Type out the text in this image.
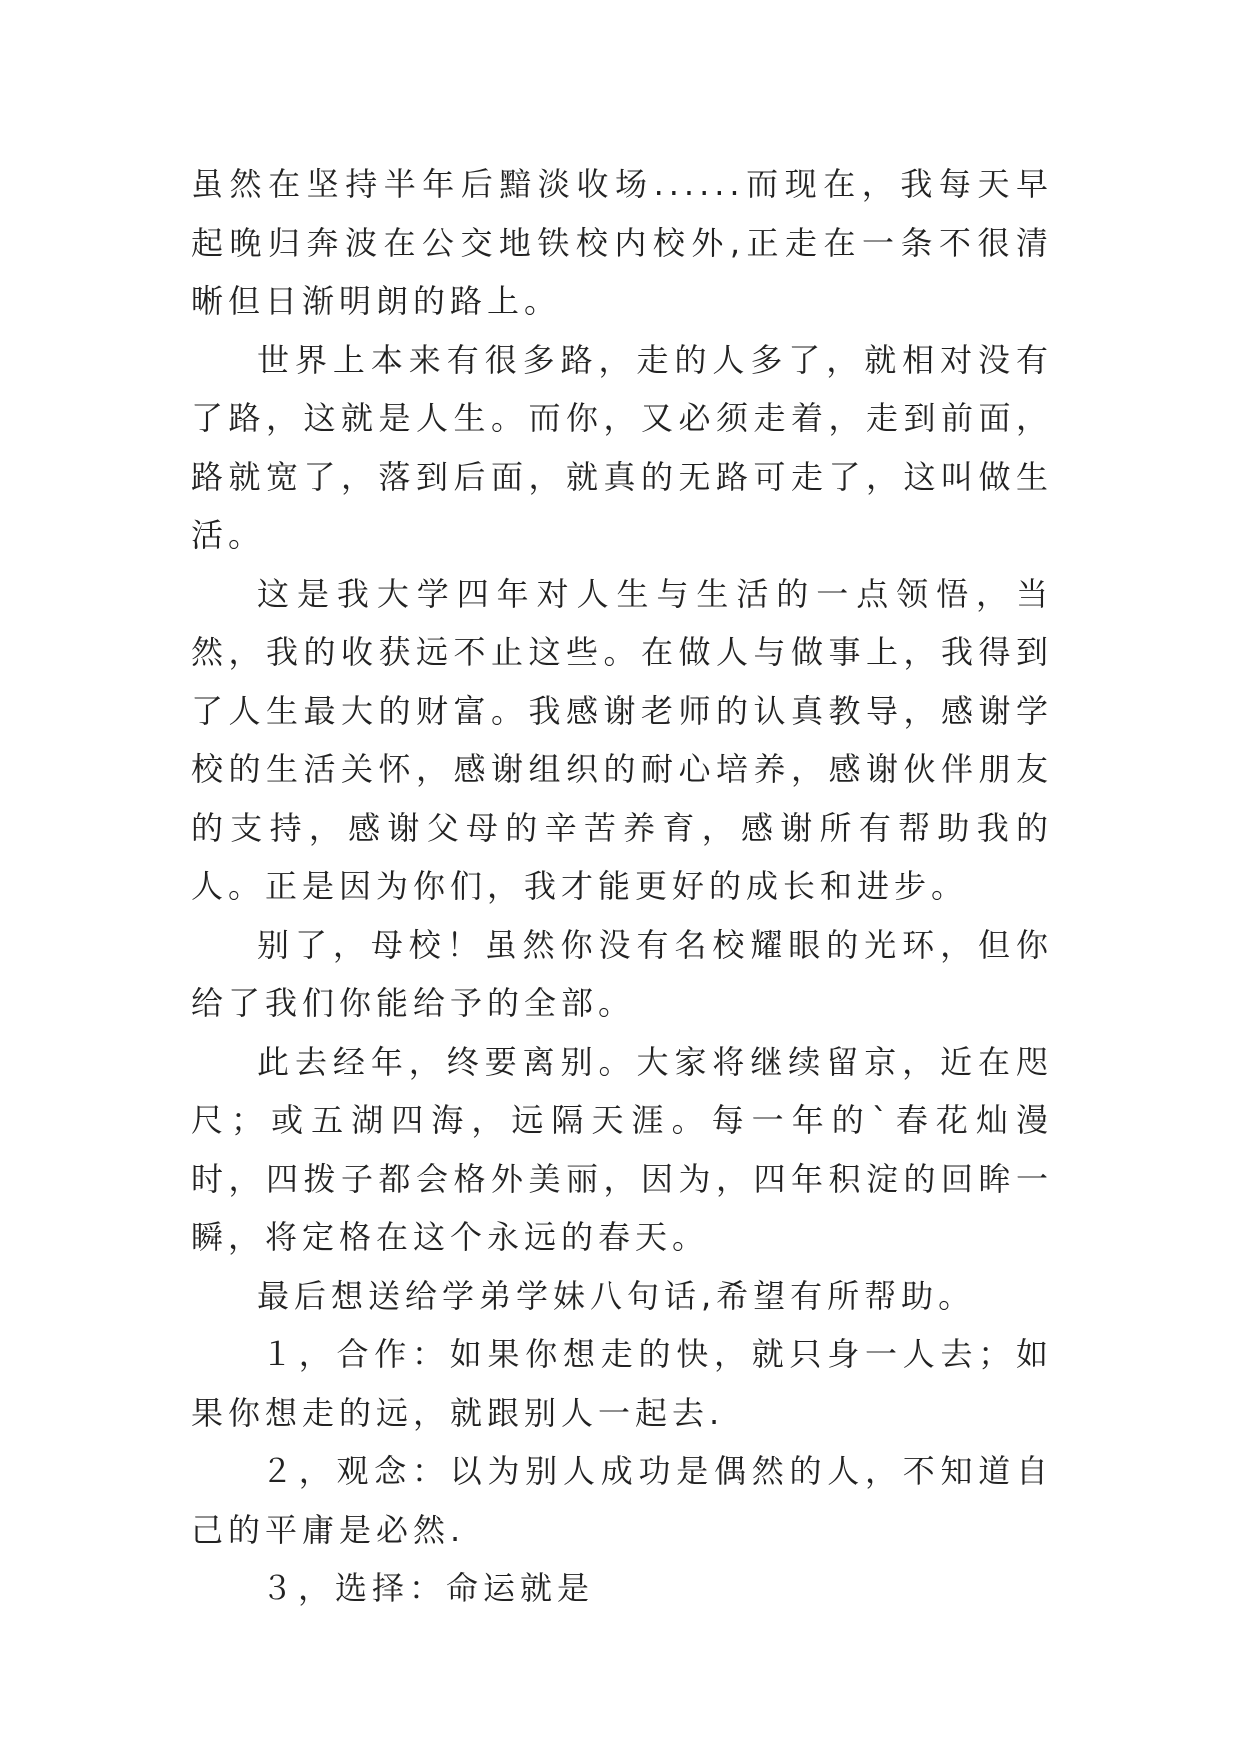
虽然在坚持半年后黯淡收场......而现在，我每天早起晚归奔波在公交地铁校内校外,正走在一条不很清晰但日渐明朗的路上。

世界上本来有很多路，走的人多了，就相对没有了路，这就是人生。而你，又必须走着，走到前面，路就宽了，落到后面，就真的无路可走了，这叫做生活。

这是我大学四年对人生与生活的一点领悟，当然，我的收获远不止这些。在做人与做事上，我得到了人生最大的财富。我感谢老师的认真教导，感谢学校的生活关怀，感谢组织的耐心培养，感谢伙伴朋友的支持，感谢父母的辛苦养育，感谢所有帮助我的人。正是因为你们，我才能更好的成长和进步。

别了，母校！虽然你没有名校耀眼的光环，但你给了我们你能给予的全部。

此去经年，终要离别。大家将继续留京，近在咫尺；或五湖四海，远隔天涯。每一年的`春花灿漫时，四拨子都会格外美丽，因为，四年积淀的回眸一瞬，将定格在这个永远的春天。

最后想送给学弟学妹八句话,希望有所帮助。

１，合作：如果你想走的快，就只身一人去；如果你想走的远，就跟别人一起去.

２，观念：以为别人成功是偶然的人，不知道自己的平庸是必然.

３，选择：命运就是
